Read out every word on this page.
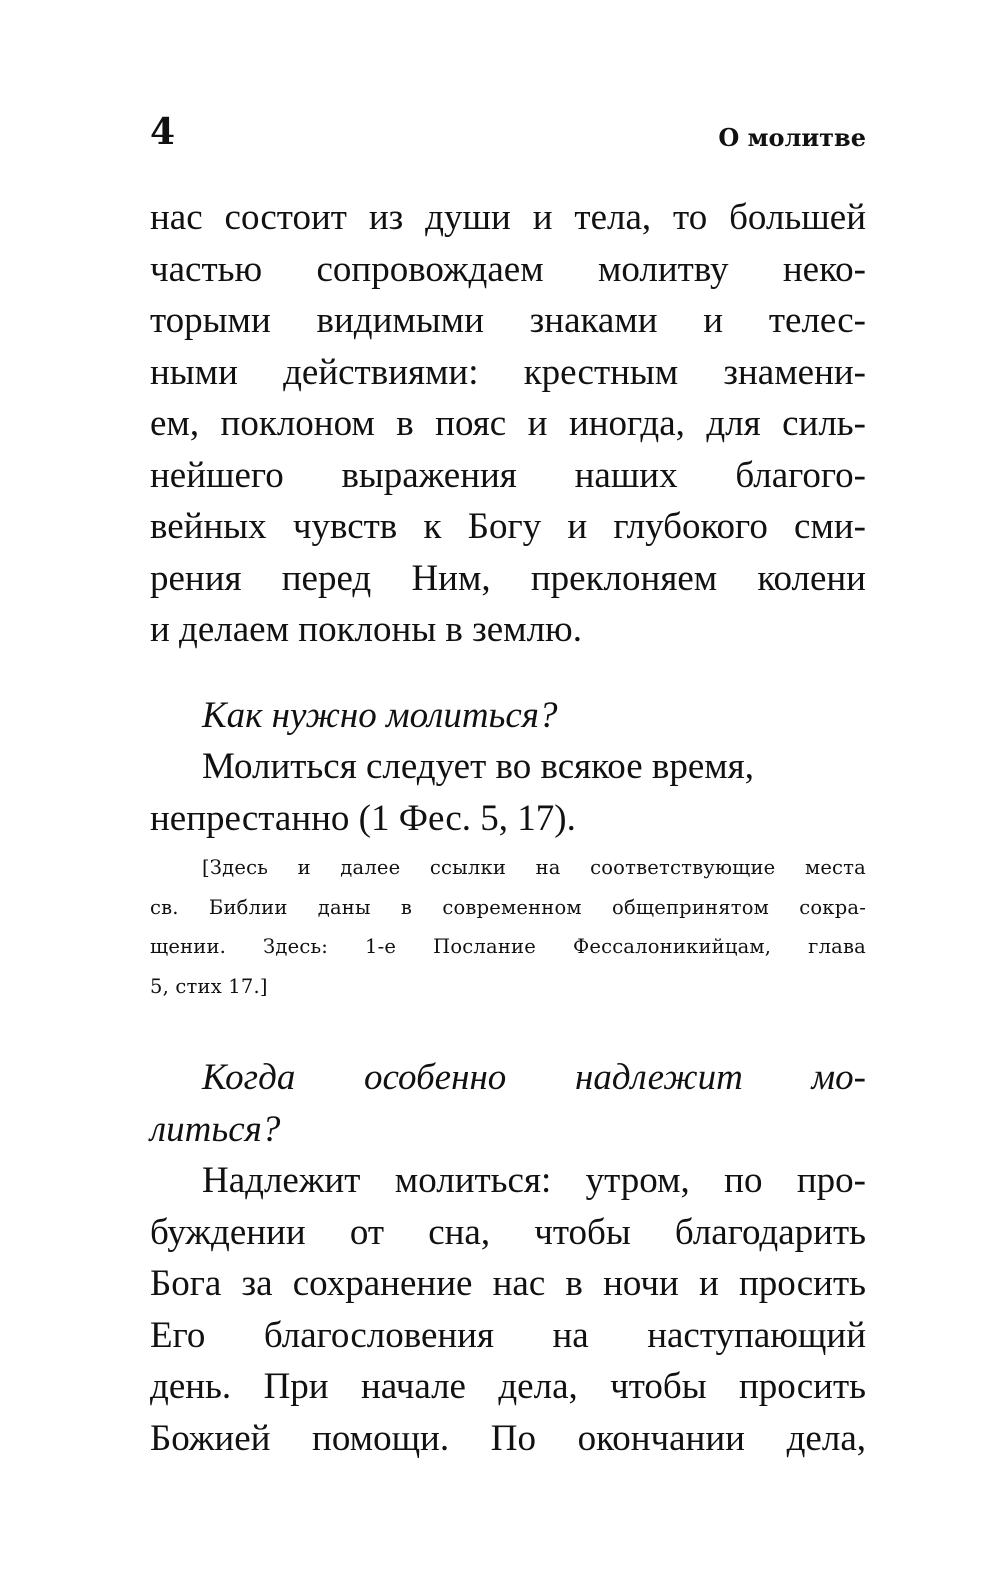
4	О молитве

нас состоит из души и тела, то большей

частью сопровождаем молитву неко-

торыми видимыми знаками и телес-

ными действиями: крестным знамени-

ем, поклоном в пояс и иногда, для силь-

нейшего выражения наших благого-

вейных чувств к Богу и глубокого сми-

рения перед Ним, преклоняем колени

и делаем поклоны в землю.

Как нужно молиться?

Молиться следует во всякое время,

непрестанно (1 Фес. 5, 17).

[Здесь и далее ссылки на соответствующие места

св. Библии даны в современном общепринятом сокра-

щении. Здесь: 1-е Послание Фессалоникийцам, глава

5, стих 17.]

Когда особенно надлежит мо-

литься?

Надлежит молиться: утром, по про-

буждении от сна, чтобы благодарить

Бога за сохранение нас в ночи и просить

Его благословения на наступающий

день. При начале дела, чтобы просить

Божией помощи. По окончании дела,
